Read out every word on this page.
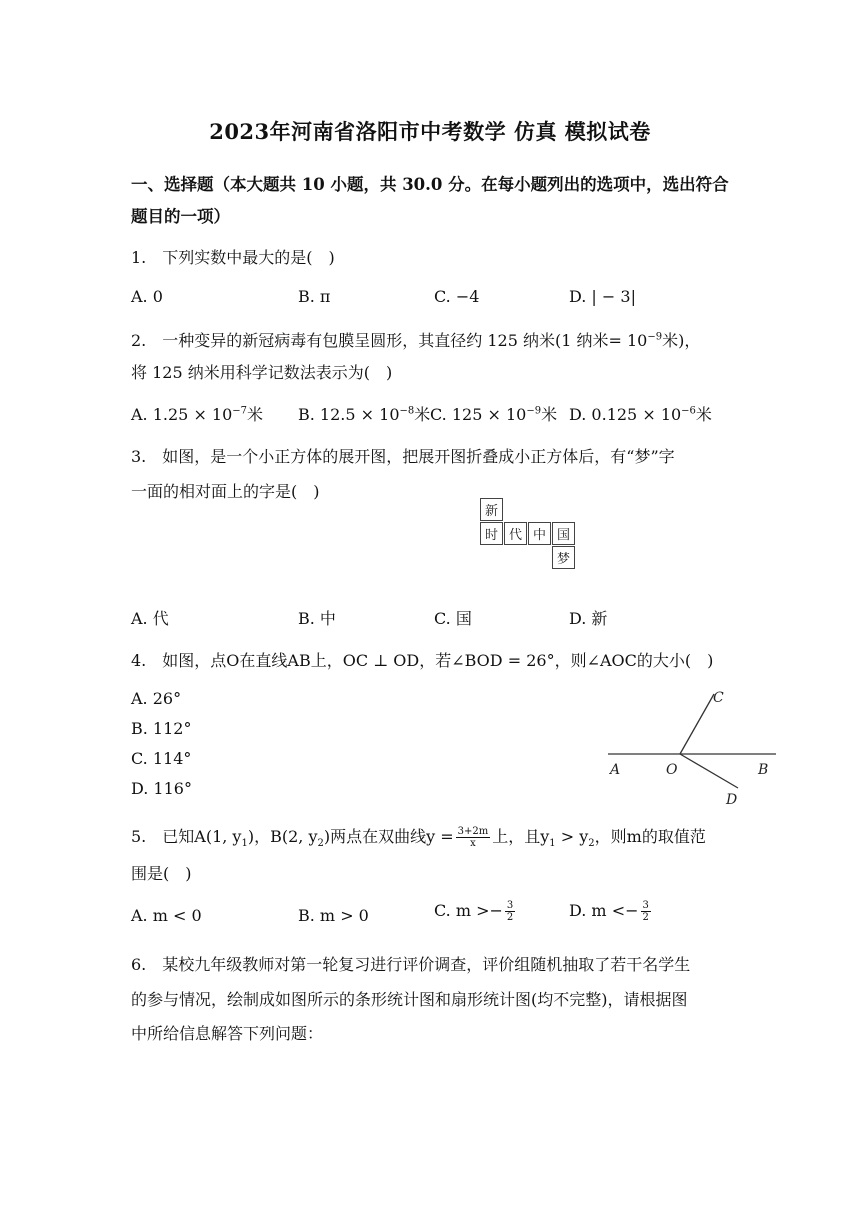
2023年河南省洛阳市中考数学 仿真 模拟试卷
一、选择题（本大题共 10 小题，共 30.0 分。在每小题列出的选项中，选出符合
题目的一项）
1.　下列实数中最大的是(　)
A. 0	B. π	C. −4	D. | − 3|
2.　一种变异的新冠病毒有包膜呈圆形，其直径约 125 纳米(1 纳米= $10^{-9}$米)，
将 125 纳米用科学记数法表示为(　)
A. $1.25 \times 10^{-7}$米 B. $12.5 \times 10^{-8}$米 C. $125 \times 10^{-9}$米 D. $0.125 \times 10^{-6}$米
3.　如图，是一个小正方体的展开图，把展开图折叠成小正方体后，有“梦”字
一面的相对面上的字是(　)
新
时 代 中 国
梦
A. 代	B. 中	C. 国	D. 新
4.　如图，点O在直线AB上，OC ⊥ OD，若∠BOD = 26°，则∠AOC的大小(　)
A. 26°
B. 112°
C. 114°
D. 116°
A	O	B
C
D
5.　已知A(1, $y_1$)，B(2, $y_2$)两点在双曲线$y = \frac{3+2m}{x}$ 上，且$y_1 > y_2$，则m的取值范
围是(　)
A. m < 0	B. m > 0	C. $m >- \frac{3}{2}$	D. $m <- \frac{3}{2}$
6.　某校九年级教师对第一轮复习进行评价调查，评价组随机抽取了若干名学生
的参与情况，绘制成如图所示的条形统计图和扇形统计图(均不完整)，请根据图
中所给信息解答下列问题：
